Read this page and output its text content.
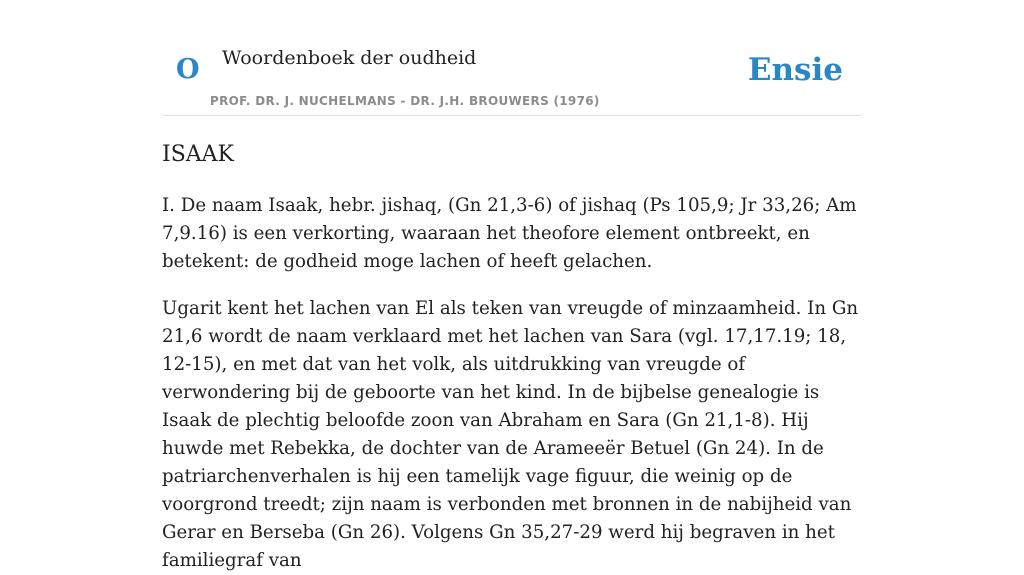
O Woordenboek der oudheid
PROF. DR. J. NUCHELMANS - DR. J.H. BROUWERS (1976)
Ensie
ISAAK

I. De naam Isaak, hebr. jishaq, (Gn 21,3-6) of jishaq (Ps 105,9; Jr 33,26; Am 7,9.16) is een verkorting, waaraan het theofore element ontbreekt, en betekent: de godheid moge lachen of heeft gelachen.

Ugarit kent het lachen van El als teken van vreugde of minzaamheid. In Gn 21,6 wordt de naam verklaard met het lachen van Sara (vgl. 17,17.19; 18, 12-15), en met dat van het volk, als uitdrukking van vreugde of verwondering bij de geboorte van het kind. In de bijbelse genealogie is Isaak de plechtig beloofde zoon van Abraham en Sara (Gn 21,1-8). Hij huwde met Rebekka, de dochter van de Arameeër Betuel (Gn 24). In de patriarchenverhalen is hij een tamelijk vage figuur, die weinig op de voorgrond treedt; zijn naam is verbonden met bronnen in de nabijheid van Gerar en Berseba (Gn 26). Volgens Gn 35,27-29 werd hij begraven in het familiegraf van
